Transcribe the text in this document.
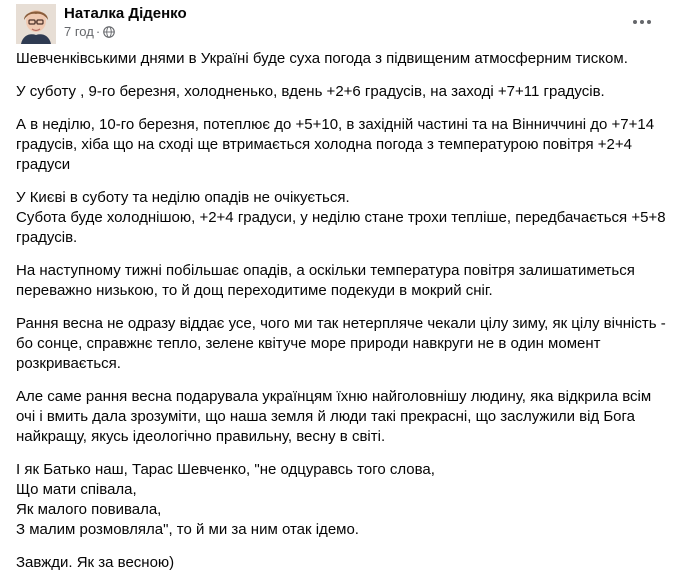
Наталка Діденко
7 год ·

Шевченківськими днями в Україні буде суха погода з підвищеним атмосферним тиском.

У суботу , 9-го березня, холодненько, вдень +2+6 градусів, на заході +7+11 градусів.

А в неділю, 10-го березня, потеплює до +5+10, в західній частині та на Вінниччині до +7+14
градусів, хіба що на сході ще втримається холодна погода з температурою повітря +2+4
градуси

У Києві в суботу та неділю опадів не очікується.
Субота буде холоднішою, +2+4 градуси, у неділю стане трохи тепліше, передбачається +5+8
градусів.

На наступному тижні побільшає опадів, а оскільки температура повітря залишатиметься
переважно низькою, то й дощ переходитиме подекуди в мокрий сніг.

Рання весна не одразу віддає усе, чого ми так нетерпляче чекали цілу зиму, як цілу вічність -
бо сонце, справжнє тепло, зелене квітуче море природи навкруги не в один момент
розкривається.

Але саме рання весна подарувала українцям їхню найголовнішу людину, яка відкрила всім
очі і вмить дала зрозуміти, що наша земля й люди такі прекрасні, що заслужили від Бога
найкращу, якусь ідеологічно правильну, весну в світі.

І як Батько наш, Тарас Шевченко, "не одцуравсь того слова,
Що мати співала,
Як малого повивала,
З малим розмовляла", то й ми за ним отак ідемо.

Завжди. Як за весною)
